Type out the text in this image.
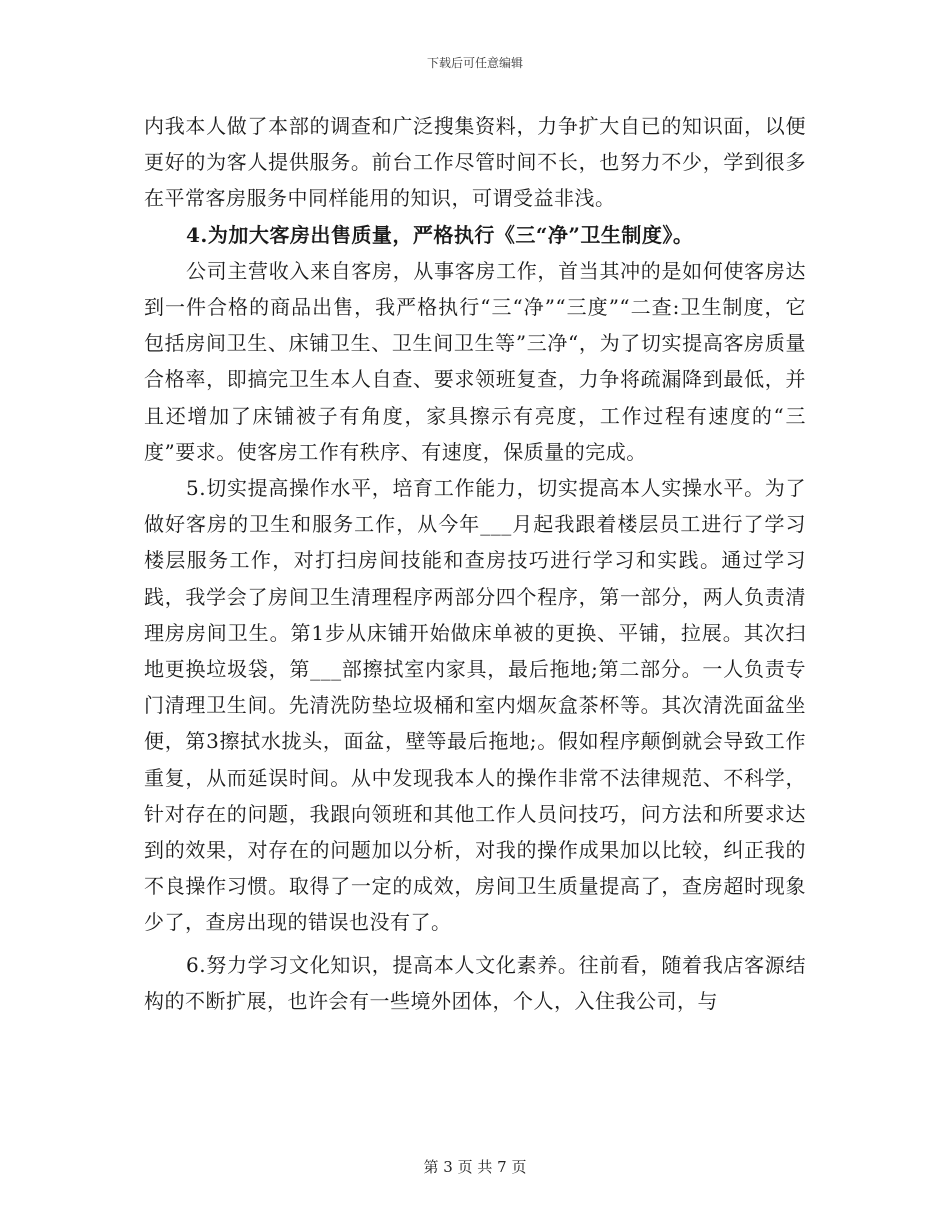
下载后可任意编辑

内我本人做了本部的调查和广泛搜集资料，力争扩大自已的知识面，以便更好的为客人提供服务。前台工作尽管时间不长，也努力不少，学到很多在平常客房服务中同样能用的知识，可谓受益非浅。

4.为加大客房出售质量，严格执行《三“净”卫生制度》。

公司主营收入来自客房，从事客房工作，首当其冲的是如何使客房达到一件合格的商品出售，我严格执行“三“净”“三度”“二查:卫生制度，它包括房间卫生、床铺卫生、卫生间卫生等”三净“，为了切实提高客房质量合格率，即搞完卫生本人自查、要求领班复查，力争将疏漏降到最低，并且还增加了床铺被子有角度，家具擦示有亮度，工作过程有速度的“三度”要求。使客房工作有秩序、有速度，保质量的完成。

5.切实提高操作水平，培育工作能力，切实提高本人实操水平。为了做好客房的卫生和服务工作，从今年___月起我跟着楼层员工进行了学习楼层服务工作，对打扫房间技能和查房技巧进行学习和实践。通过学习践，我学会了房间卫生清理程序两部分四个程序，第一部分，两人负责清理房房间卫生。第1步从床铺开始做床单被的更换、平铺，拉展。其次扫地更换垃圾袋，第___部擦拭室内家具，最后拖地;第二部分。一人负责专门清理卫生间。先清洗防垫垃圾桶和室内烟灰盒茶杯等。其次清洗面盆坐便，第3擦拭水拢头，面盆，壁等最后拖地;。假如程序颠倒就会导致工作重复，从而延误时间。从中发现我本人的操作非常不法律规范、不科学，针对存在的问题，我跟向领班和其他工作人员问技巧，问方法和所要求达到的效果，对存在的问题加以分析，对我的操作成果加以比较，纠正我的不良操作习惯。取得了一定的成效，房间卫生质量提高了，查房超时现象少了，查房出现的错误也没有了。

6.努力学习文化知识，提高本人文化素养。往前看，随着我店客源结构的不断扩展，也许会有一些境外团体，个人，入住我公司，与

第 3 页 共 7 页
